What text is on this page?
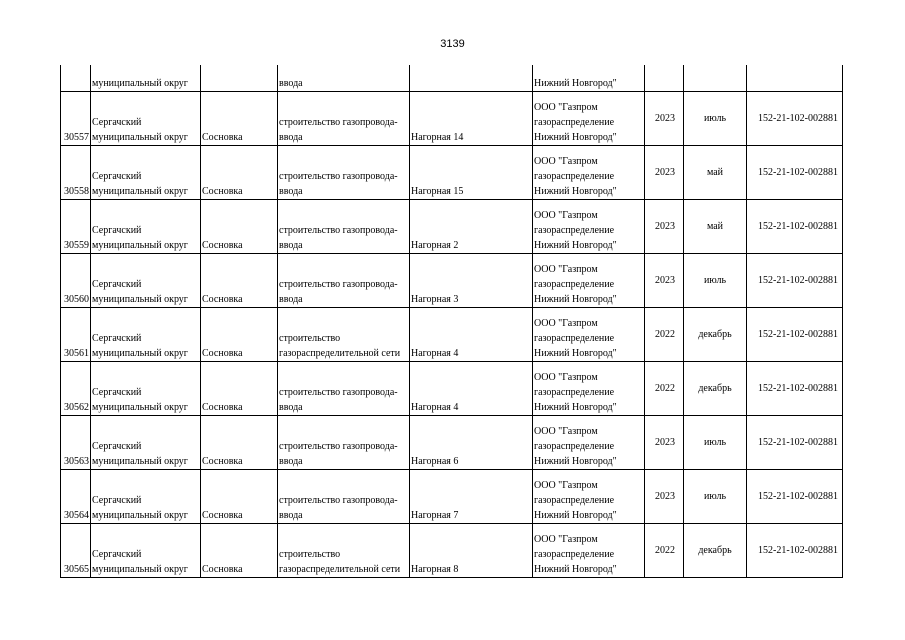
3139
	муниципальный округ		ввода		Нижний Новгород"			
30557	Сергачский
муниципальный округ	Сосновка	строительство газопровода-
ввода	Нагорная 14	ООО "Газпром
газораспределение
Нижний Новгород"	2023	июль	152-21-102-002881
30558	Сергачский
муниципальный округ	Сосновка	строительство газопровода-
ввода	Нагорная 15	ООО "Газпром
газораспределение
Нижний Новгород"	2023	май	152-21-102-002881
30559	Сергачский
муниципальный округ	Сосновка	строительство газопровода-
ввода	Нагорная 2	ООО "Газпром
газораспределение
Нижний Новгород"	2023	май	152-21-102-002881
30560	Сергачский
муниципальный округ	Сосновка	строительство газопровода-
ввода	Нагорная 3	ООО "Газпром
газораспределение
Нижний Новгород"	2023	июль	152-21-102-002881
30561	Сергачский
муниципальный округ	Сосновка	строительство
газораспределительной сети	Нагорная 4	ООО "Газпром
газораспределение
Нижний Новгород"	2022	декабрь	152-21-102-002881
30562	Сергачский
муниципальный округ	Сосновка	строительство газопровода-
ввода	Нагорная 4	ООО "Газпром
газораспределение
Нижний Новгород"	2022	декабрь	152-21-102-002881
30563	Сергачский
муниципальный округ	Сосновка	строительство газопровода-
ввода	Нагорная 6	ООО "Газпром
газораспределение
Нижний Новгород"	2023	июль	152-21-102-002881
30564	Сергачский
муниципальный округ	Сосновка	строительство газопровода-
ввода	Нагорная 7	ООО "Газпром
газораспределение
Нижний Новгород"	2023	июль	152-21-102-002881
30565	Сергачский
муниципальный округ	Сосновка	строительство
газораспределительной сети	Нагорная 8	ООО "Газпром
газораспределение
Нижний Новгород"	2022	декабрь	152-21-102-002881
